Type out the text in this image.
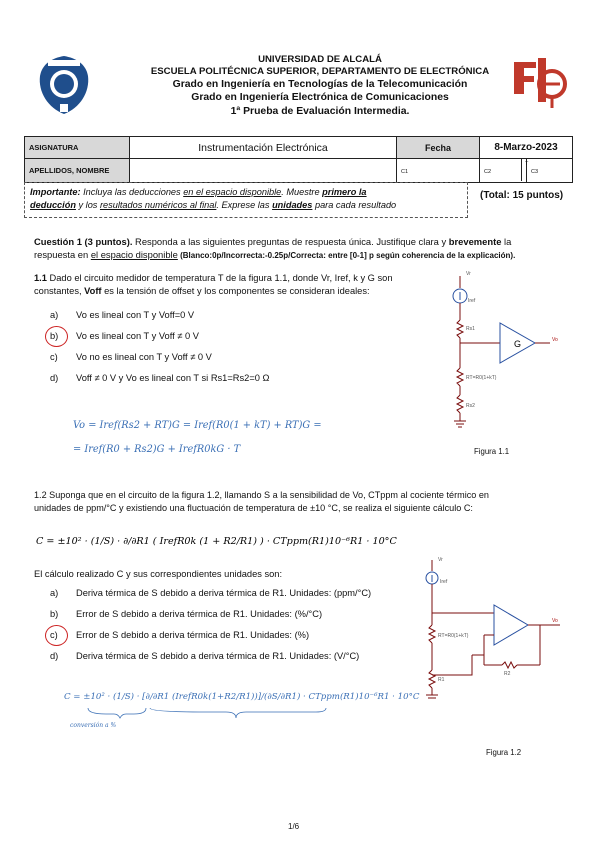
UNIVERSIDAD DE ALCALÁ
ESCUELA POLITÉCNICA SUPERIOR, DEPARTAMENTO DE ELECTRÓNICA
Grado en Ingeniería en Tecnologías de la Telecomunicación
Grado en Ingeniería Electrónica de Comunicaciones
1ª Prueba de Evaluación Intermedia.
ASIGNATURA	Instrumentación Electrónica	Fecha	8-Marzo-2023	
APELLIDOS, NOMBRE		C1	C2	C3
T
Importante: Incluya las deducciones en el espacio disponible. Muestre primero la
deducción y los resultados numéricos al final. Exprese las unidades para cada resultado
(Total: 15 puntos)
Cuestión 1 (3 puntos). Responda a las siguientes preguntas de respuesta única. Justifique clara y brevemente la
respuesta en el espacio disponible (Blanco:0p/Incorrecta:-0.25p/Correcta: entre [0-1] p según coherencia de la explicación).
1.1 Dado el circuito medidor de temperatura T de la figura 1.1, donde Vr, Iref, k y G son
constantes, Voff es la tensión de offset y los componentes se consideran ideales:
a) Vo es lineal con T y Voff=0 V
b) Vo es lineal con T y Voff ≠ 0 V
c) Vo no es lineal con T y Voff ≠ 0 V
d) Voff ≠ 0 V y Vo es lineal con T si Rs1=Rs2=0 Ω
Vo = Iref(Rs2 + RT)G = Iref(R0(1 + kT) + RT)G =
= Iref(R0 + Rs2)G + IrefR0kG · T
Vr
Iref
Rs1
G	Vo
RT=R0(1+kT)
Rs2
Figura 1.1
1.2 Suponga que en el circuito de la figura 1.2, llamando S a la sensibilidad de Vo, CTppm al cociente térmico en
unidades de ppm/°C y existiendo una fluctuación de temperatura de ±10 °C, se realiza el siguiente cálculo C:
C = ±10² · (1/S) · ∂/∂R1 ( IrefR0k (1 + R2/R1) ) · CTppm(R1)10⁻⁶R1 · 10°C
El cálculo realizado C y sus correspondientes unidades son:
a) Deriva térmica de S debido a deriva térmica de R1. Unidades: (ppm/°C)
b) Error de S debido a deriva térmica de R1. Unidades: (%/°C)
c) Error de S debido a deriva térmica de R1. Unidades: (%)
d) Deriva térmica de S debido a deriva térmica de R1. Unidades: (V/°C)
C = ±10² · (1/S) · [∂/∂R1 (IrefR0k(1+R2/R1))]/(∂S/∂R1) · CTppm(R1)10⁻⁶R1 · 10°C
conversión a %
Vr
Iref
RT=R0(1+kT)
R1
R2
Vo
Figura 1.2
1/6
